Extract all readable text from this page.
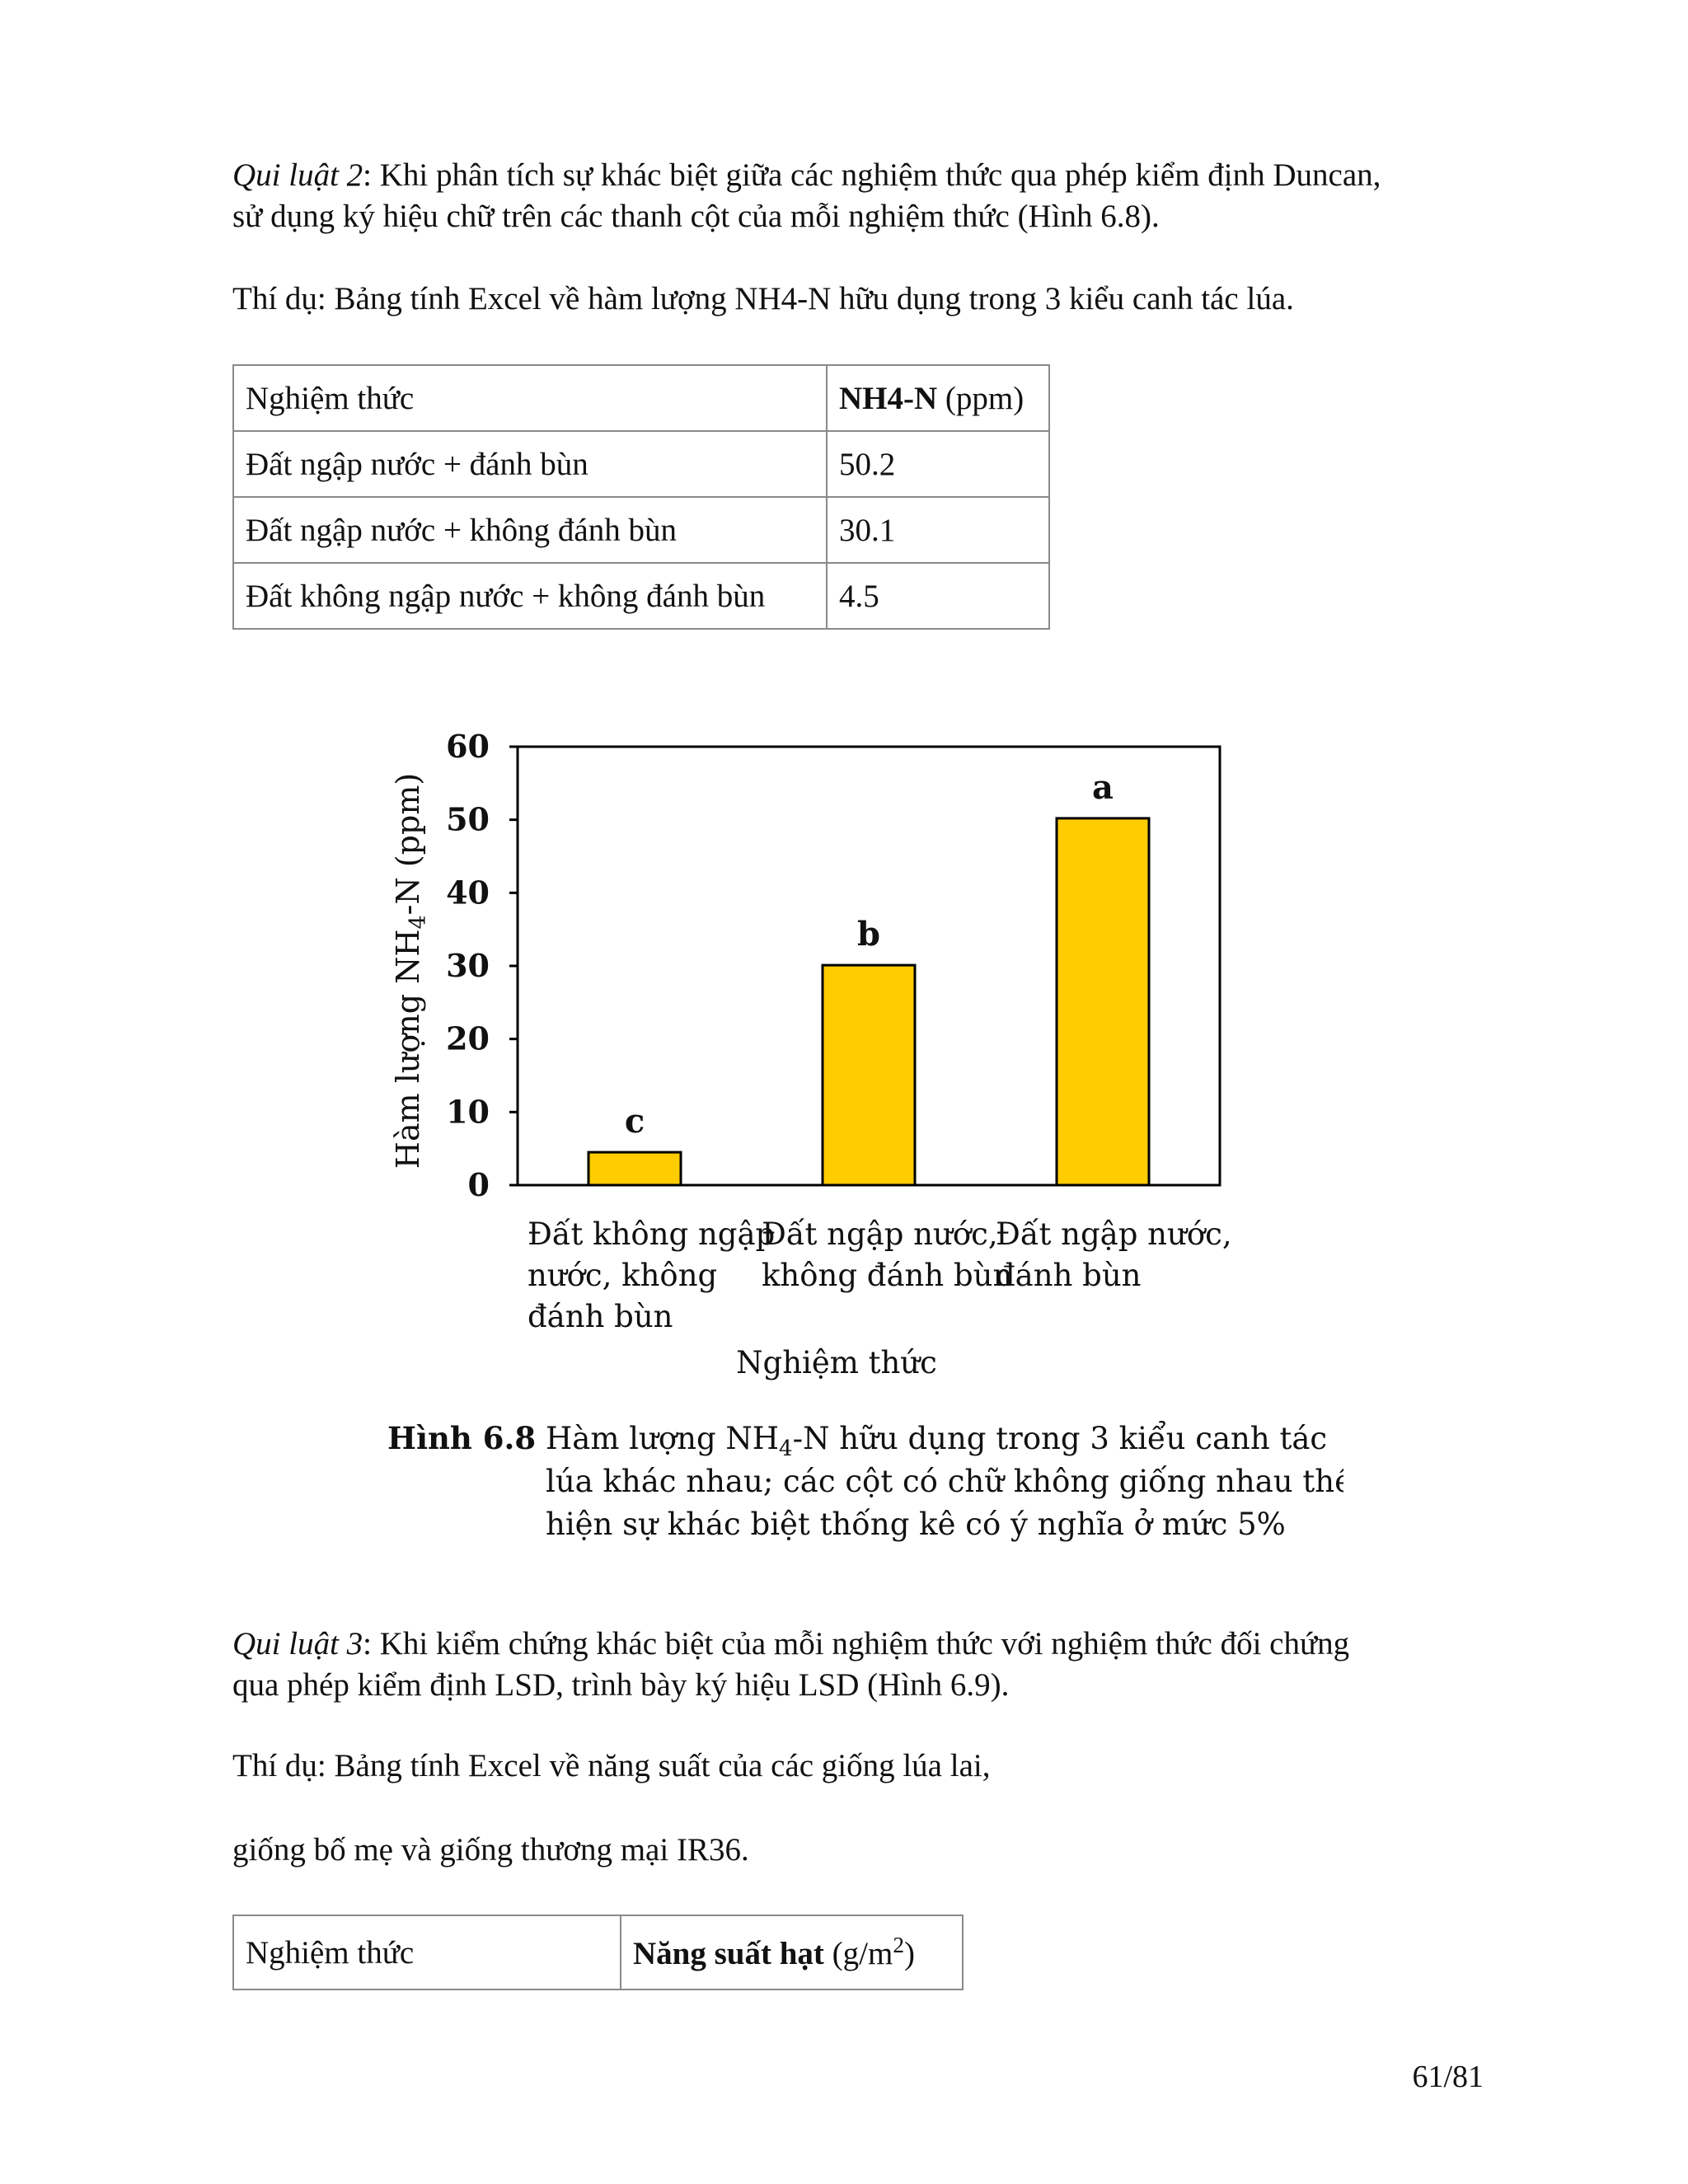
Qui luật 2: Khi phân tích sự khác biệt giữa các nghiệm thức qua phép kiểm định Duncan,
sử dụng ký hiệu chữ trên các thanh cột của mỗi nghiệm thức (Hình 6.8).

Thí dụ: Bảng tính Excel về hàm lượng NH4-N hữu dụng trong 3 kiểu canh tác lúa.

Nghiệm thức	NH4-N (ppm)
Đất ngập nước + đánh bùn	50.2
Đất ngập nước + không đánh bùn	30.1
Đất không ngập nước + không đánh bùn	4.5
0
10
20
30
40
50
60
c
b
a
Đất không ngập nước, không đánh bùn
Đất ngập nước, không đánh bùn
Đất ngập nước, đánh bùn
Hàm lượng $NH_4-N$ (ppm)
Nghiệm thức
Hình 6.8 Hàm lượng $NH_4-N$ hữu dụng trong 3 kiểu canh tác
lúa khác nhau; các cột có chữ không giống nhau thể
hiện sự khác biệt thống kê có ý nghĩa ở mức 5%

Qui luật 3: Khi kiểm chứng khác biệt của mỗi nghiệm thức với nghiệm thức đối chứng
qua phép kiểm định LSD, trình bày ký hiệu LSD (Hình 6.9).

Thí dụ: Bảng tính Excel về năng suất của các giống lúa lai,

giống bố mẹ và giống thương mại IR36.

Nghiệm thức	Năng suất hạt $(g/m^2)$
61/81
